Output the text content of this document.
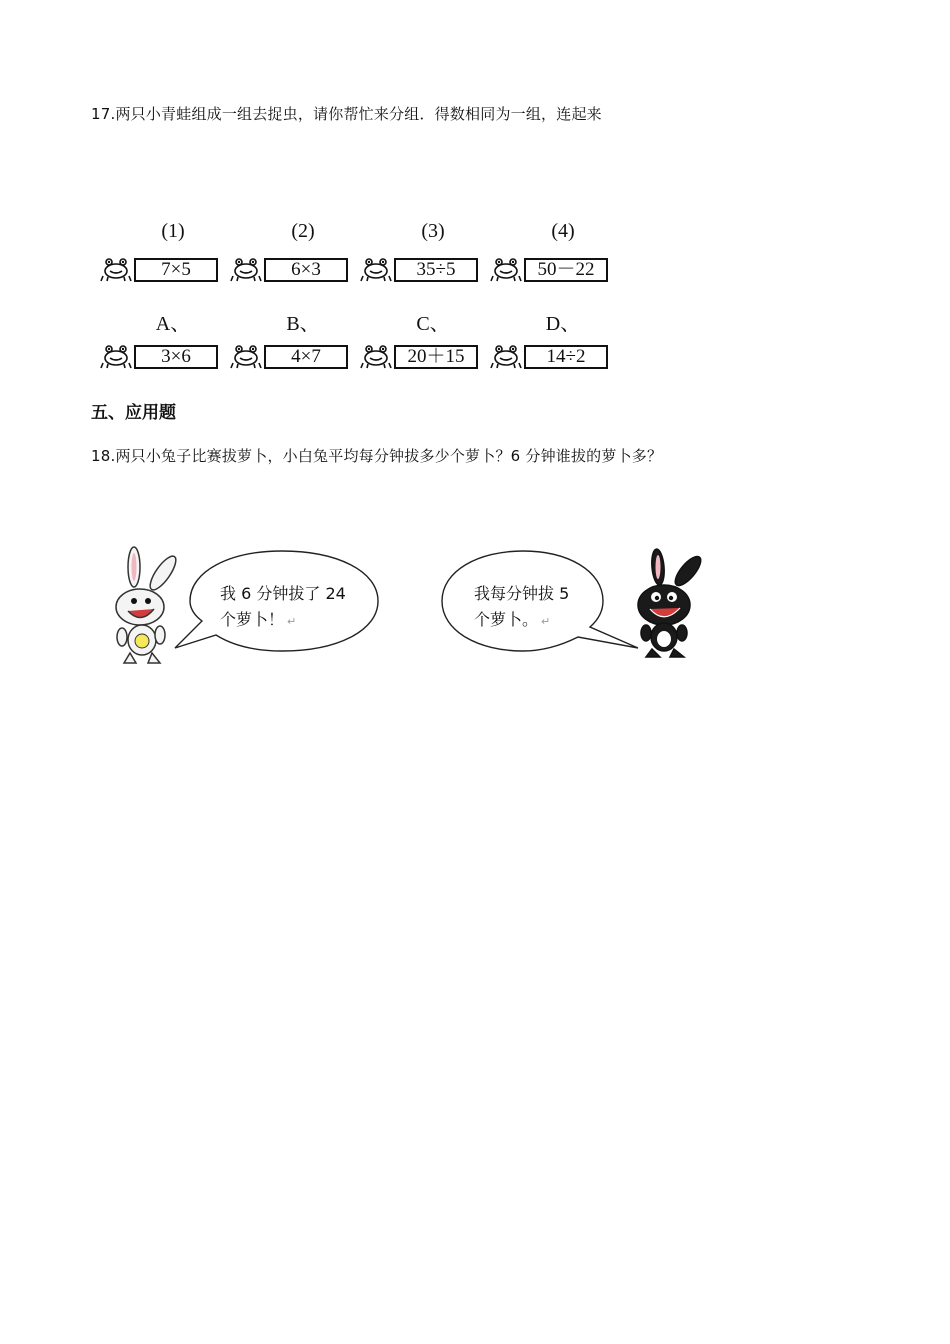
17.两只小青蛙组成一组去捉虫，请你帮忙来分组．得数相同为一组，连起来
(1)
7×5
(2)
6×3
(3)
35÷5
(4)
50－22
A、
3×6
B、
4×7
C、
20＋15
D、
14÷2
五、应用题
18.两只小兔子比赛拔萝卜，小白兔平均每分钟拔多少个萝卜？6 分钟谁拔的萝卜多？
我 6 分钟拔了 24
个萝卜！ ↵
我每分钟拔 5
个萝卜。 ↵
